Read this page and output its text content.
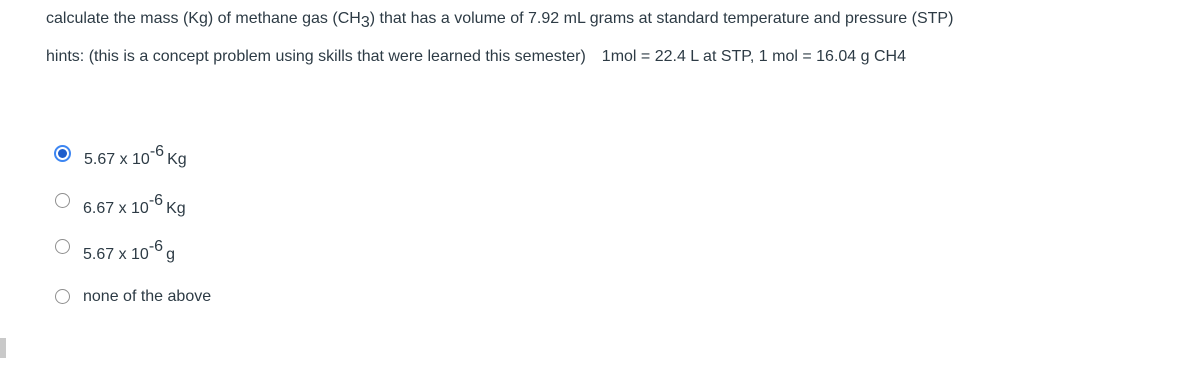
calculate the mass (Kg) of methane gas $(CH_3)$ that has a volume of 7.92 mL grams at standard temperature and pressure (STP)
hints: (this is a concept problem using skills that were learned this semester) 1mol = 22.4 L at STP, 1 mol = 16.04 g CH4
5.67 x $10^{-6}$ Kg
6.67 x $10^{-6}$ Kg
5.67 x $10^{-6}$ g
none of the above
